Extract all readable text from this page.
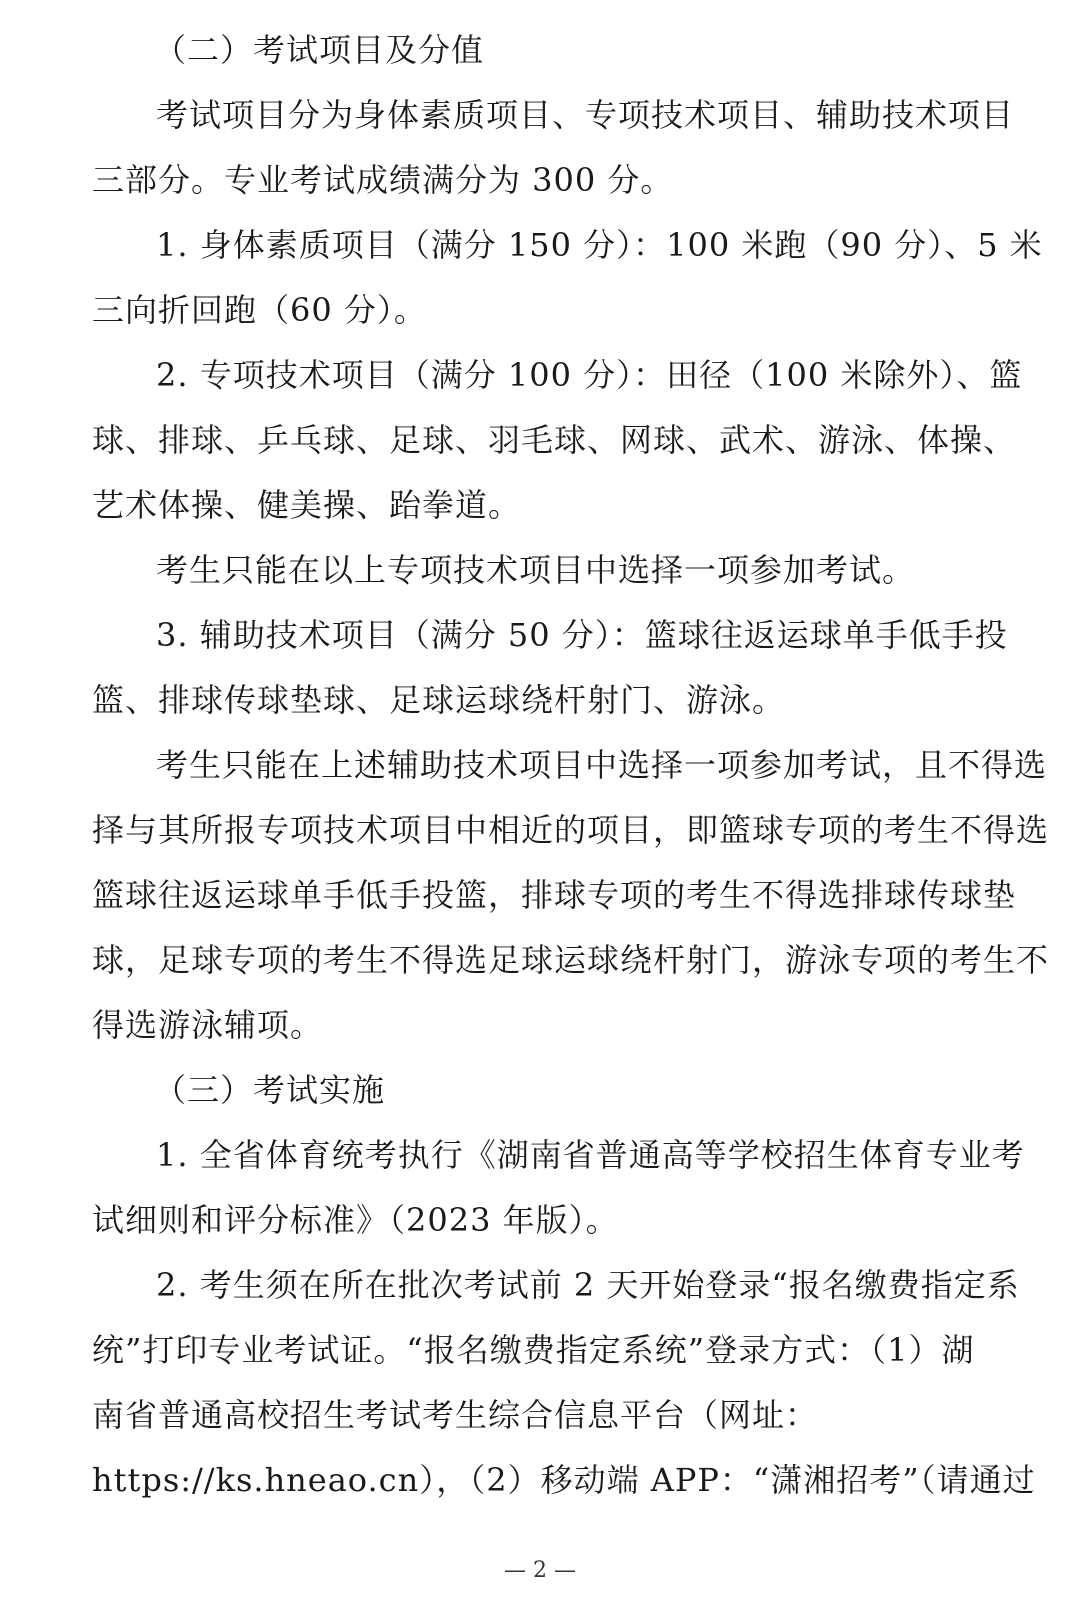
（二）考试项目及分值
考试项目分为身体素质项目、专项技术项目、辅助技术项目
三部分。专业考试成绩满分为 300 分。
1. 身体素质项目（满分 150 分）：100 米跑（90 分）、5 米
三向折回跑（60 分）。
2. 专项技术项目（满分 100 分）：田径（100 米除外）、篮
球、排球、乒乓球、足球、羽毛球、网球、武术、游泳、体操、
艺术体操、健美操、跆拳道。
考生只能在以上专项技术项目中选择一项参加考试。
3. 辅助技术项目（满分 50 分）：篮球往返运球单手低手投
篮、排球传球垫球、足球运球绕杆射门、游泳。
考生只能在上述辅助技术项目中选择一项参加考试，且不得选
择与其所报专项技术项目中相近的项目，即篮球专项的考生不得选
篮球往返运球单手低手投篮，排球专项的考生不得选排球传球垫
球，足球专项的考生不得选足球运球绕杆射门，游泳专项的考生不
得选游泳辅项。
（三）考试实施
1. 全省体育统考执行《湖南省普通高等学校招生体育专业考
试细则和评分标准》（2023 年版）。
2. 考生须在所在批次考试前 2 天开始登录“报名缴费指定系
统”打印专业考试证。“报名缴费指定系统”登录方式：（1）湖
南省普通高校招生考试考生综合信息平台（网址：
https://ks.hneao.cn），（2）移动端 APP：“潇湘招考”（请通过
— 2 —
